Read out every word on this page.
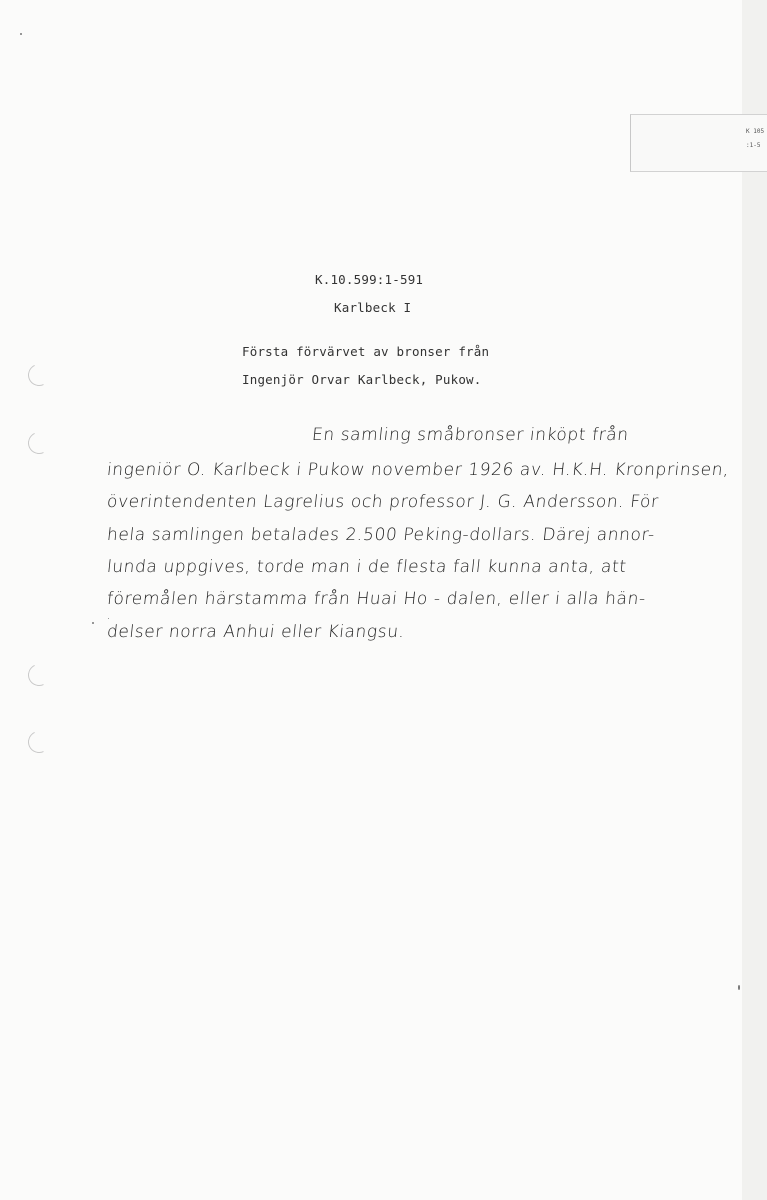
K.10.599:1-591
Karlbeck I
Första förvärvet av bronser från
Ingenjör Orvar Karlbeck, Pukow.
En samling småbronser inköpt från
ingeniör O. Karlbeck i Pukow november 1926 av. H.K.H. Kronprinsen,
överintendenten Lagrelius och professor J. G. Andersson. För
hela samlingen betalades 2.500 Peking-dollars. Därej annor-
lunda uppgives, torde man i de flesta fall kunna anta, att
föremålen härstamma från Huai Ho - dalen, eller i alla hän-
delser norra Anhui eller Kiangsu.
K 105
:1-5
